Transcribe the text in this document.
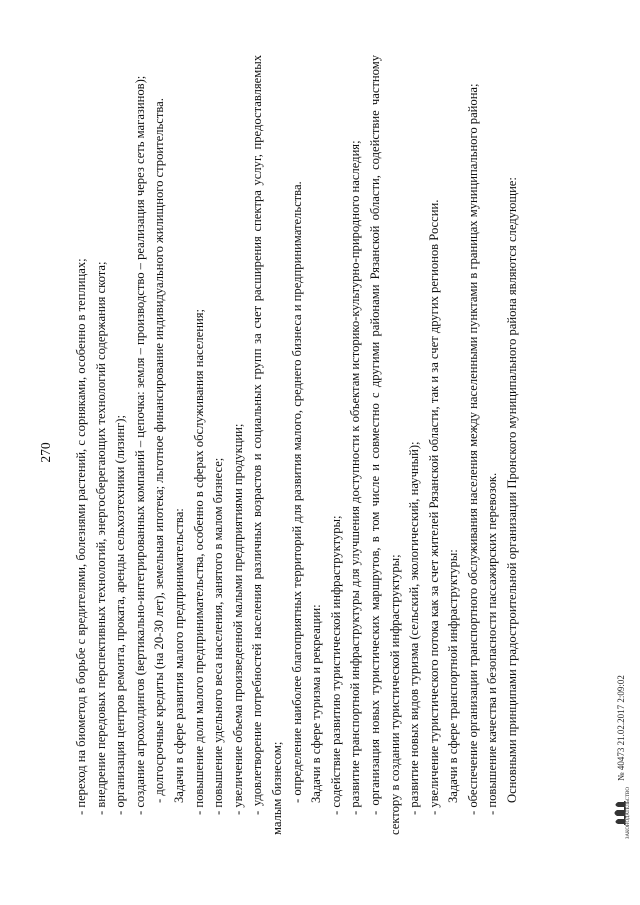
270 - переход на биометод в борьбе с вредителями, болезнями растений, с сорняками, особенно в теплицах; - внедрение передовых перспективных технологий, энергосберегающих технологий содержания скота; - организация центров ремонта, проката, аренды сельхозтехники (лизинг); - создание агрохолдингов (вертикально-интегрированных компаний – цепочка: земля – производство – реализация через сеть магазинов); - долгосрочные кредиты (на 20-30 лет), земельная ипотека; льготное финансирование индивидуального жилищного строительства. Задачи в сфере развития малого предпринимательства: - повышение доли малого предпринимательства, особенно в сферах обслуживания населения; - повышение удельного веса населения, занятого в малом бизнесе; - увеличение объема произведенной малыми предприятиями продукции; - удовлетворение потребностей населения различных возрастов и социальных групп за счет расширения спектра услуг, предоставляемых малым бизнесом; - определение наиболее благоприятных территорий для развития малого, среднего бизнеса и предпринимательства. Задачи в сфере туризма и рекреации: - содействие развитию туристической инфраструктуры; - развитие транспортной инфраструктуры для улучшения доступности к объектам историко-культурно-природного наследия; - организация новых туристических маршрутов, в том числе и совместно с другими районами Рязанской области, содействие частному сектору в создании туристической инфраструктуры; - развитие новых видов туризма (сельский, экологический, научный); - увеличение туристического потока как за счет жителей Рязанской области, так и за счет других регионов России. Задачи в сфере транспортной инфраструктуры: - обеспечение организации транспортного обслуживания населения между населенными пунктами в границах муниципального района; - повышение качества и безопасности пассажирских перевозок. Основными принципами градостроительной организации Пронского муниципального района являются следующие:

ЗАКОНОДАТЕЛЬСТВО
№ 40473 21.02.2017 2:09:02
